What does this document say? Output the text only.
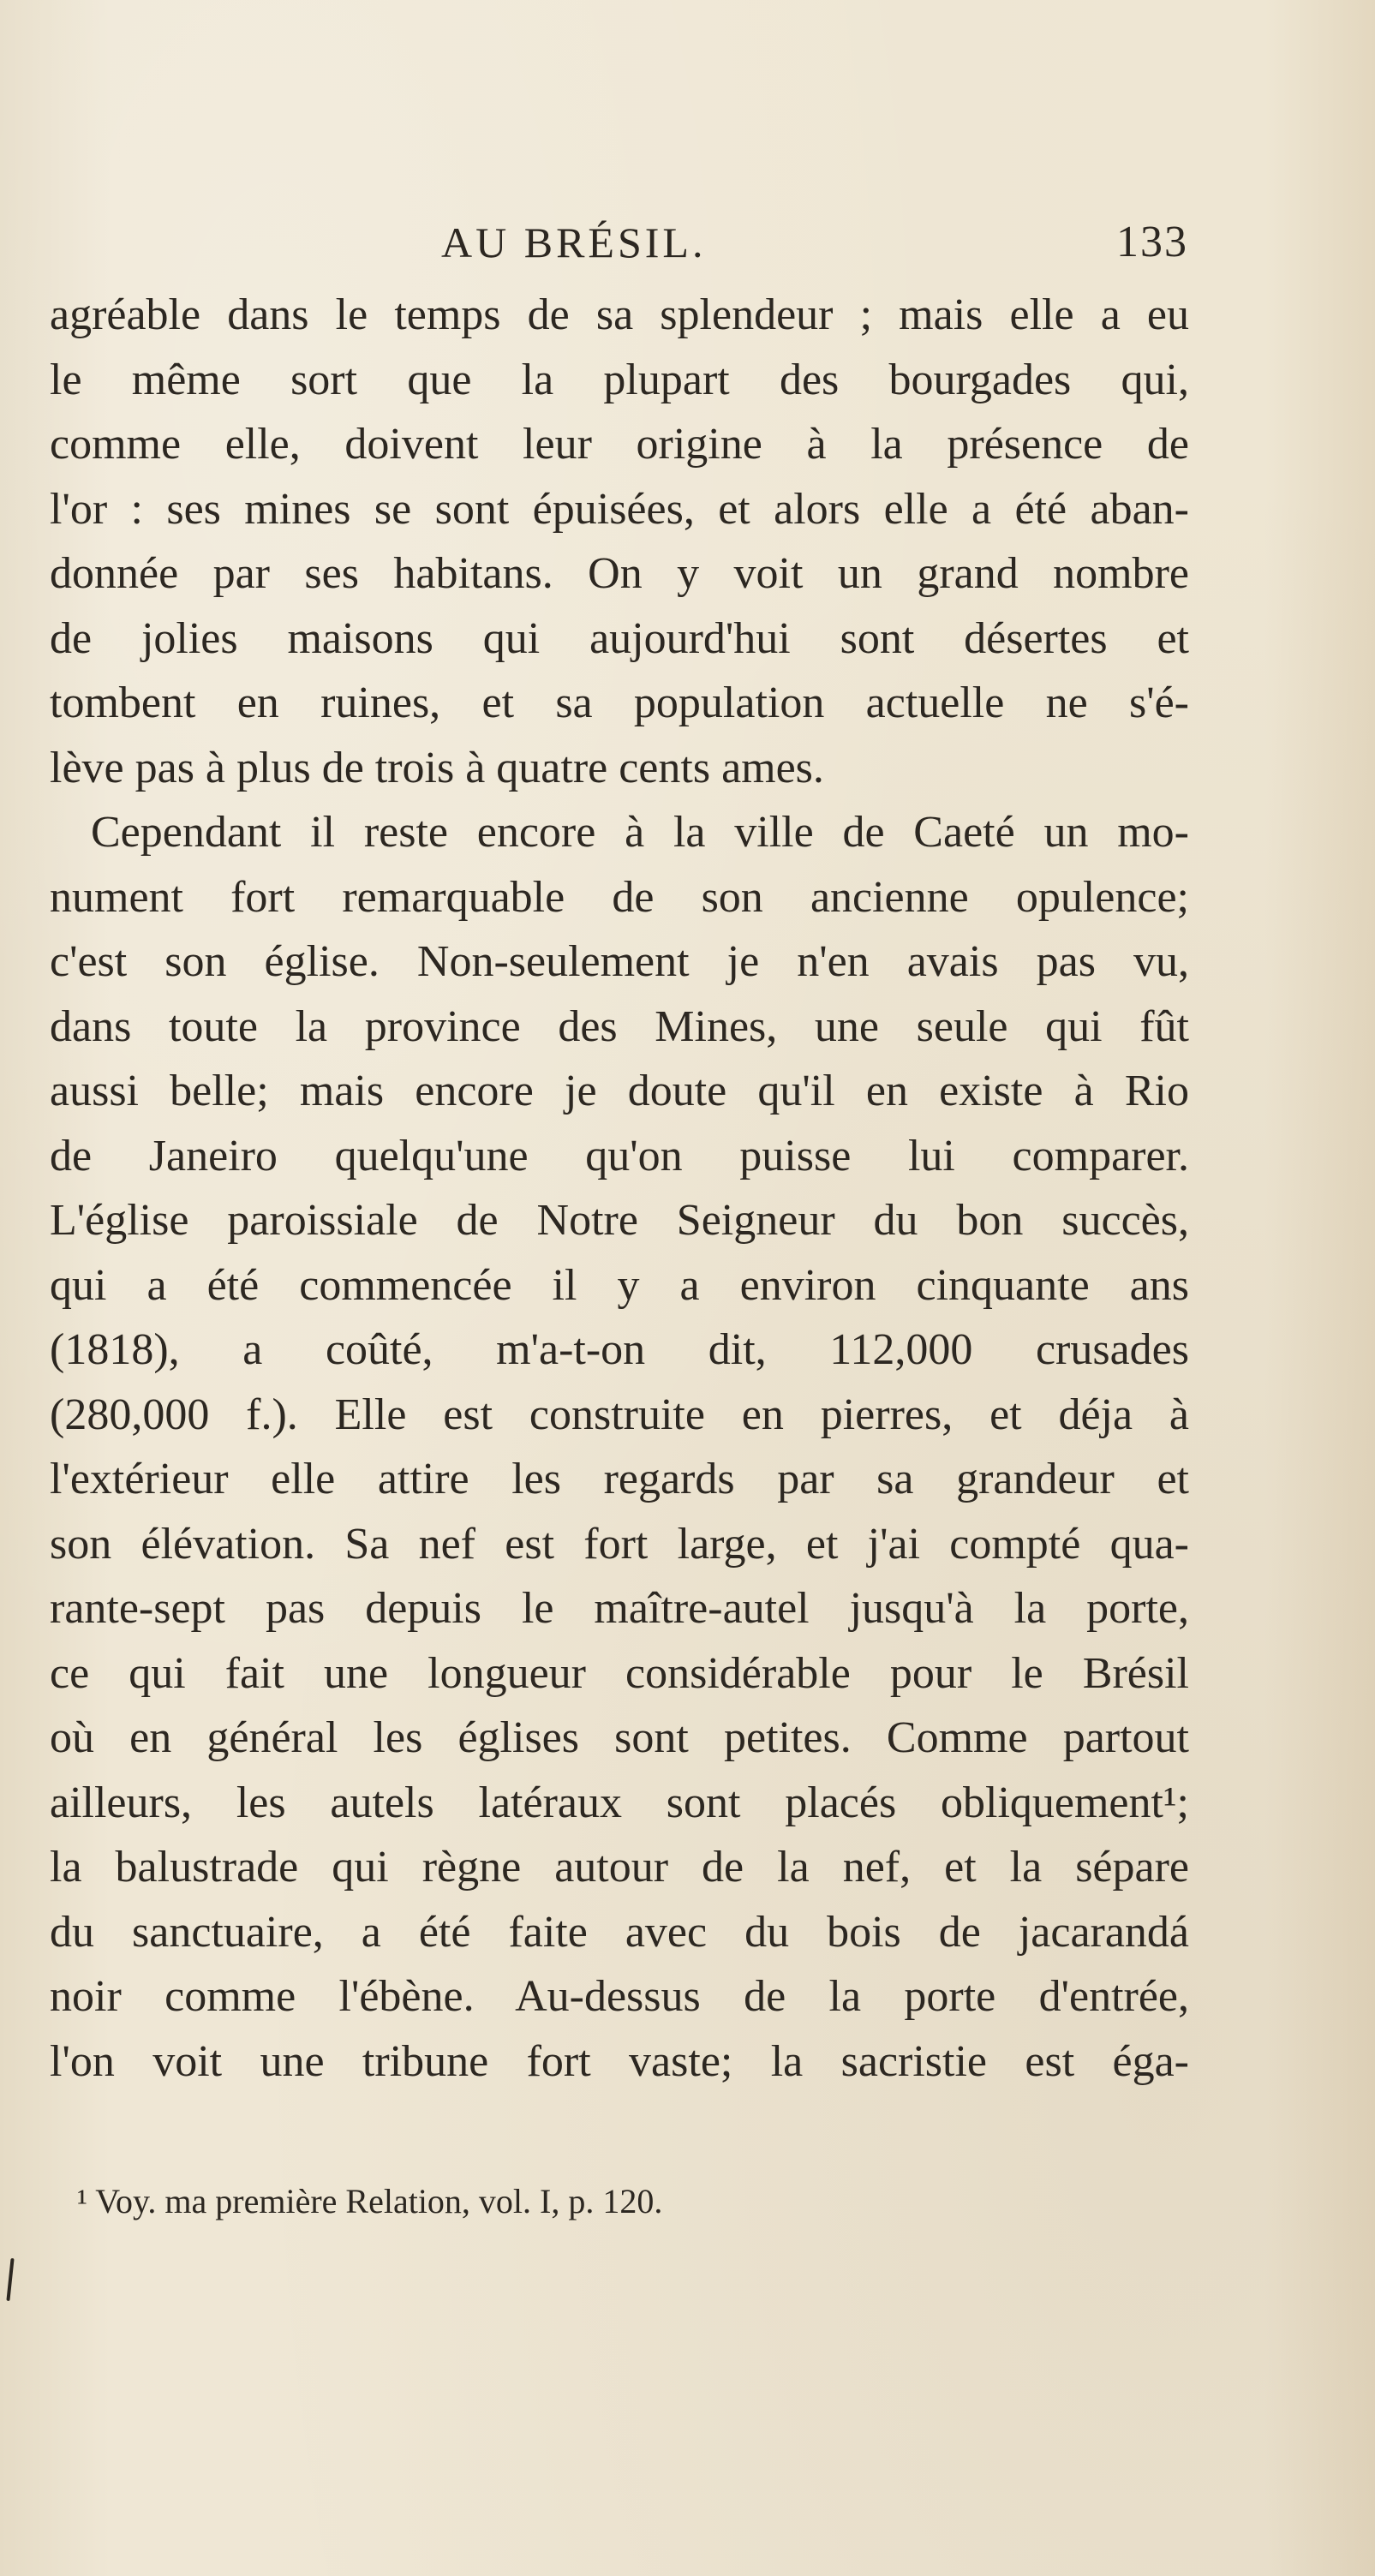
AU BRÉSIL.	133
agréable dans le temps de sa splendeur ; mais elle a eu
le même sort que la plupart des bourgades qui,
comme elle, doivent leur origine à la présence de
l'or : ses mines se sont épuisées, et alors elle a été aban-
donnée par ses habitans. On y voit un grand nombre
de jolies maisons qui aujourd'hui sont désertes et
tombent en ruines, et sa population actuelle ne s'é-
lève pas à plus de trois à quatre cents ames.
Cependant il reste encore à la ville de Caeté un mo-
nument fort remarquable de son ancienne opulence;
c'est son église. Non-seulement je n'en avais pas vu,
dans toute la province des Mines, une seule qui fût
aussi belle; mais encore je doute qu'il en existe à Rio
de Janeiro quelqu'une qu'on puisse lui comparer.
L'église paroissiale de Notre Seigneur du bon succès,
qui a été commencée il y a environ cinquante ans
(1818), a coûté, m'a-t-on dit, 112,000 crusades
(280,000 f.). Elle est construite en pierres, et déja à
l'extérieur elle attire les regards par sa grandeur et
son élévation. Sa nef est fort large, et j'ai compté qua-
rante-sept pas depuis le maître-autel jusqu'à la porte,
ce qui fait une longueur considérable pour le Brésil
où en général les églises sont petites. Comme partout
ailleurs, les autels latéraux sont placés obliquement¹;
la balustrade qui règne autour de la nef, et la sépare
du sanctuaire, a été faite avec du bois de jacarandá
noir comme l'ébène. Au-dessus de la porte d'entrée,
l'on voit une tribune fort vaste; la sacristie est éga-
¹ Voy. ma première Relation, vol. I, p. 120.
